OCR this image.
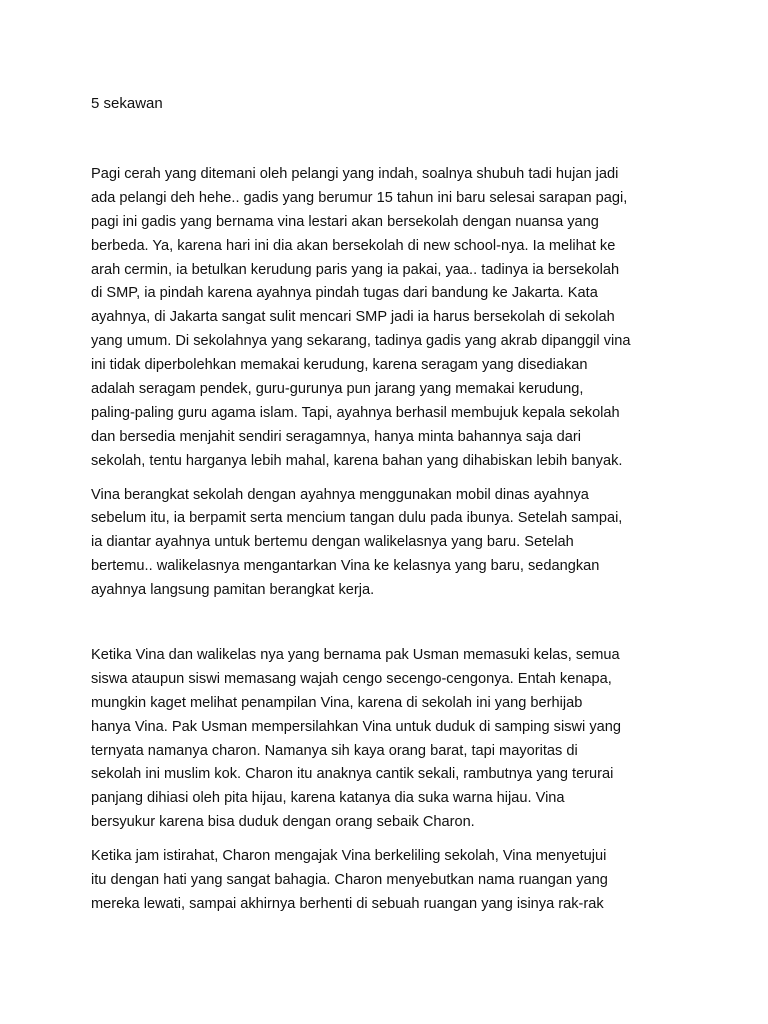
5 sekawan
Pagi cerah yang ditemani oleh pelangi yang indah, soalnya shubuh tadi hujan jadi
ada pelangi deh hehe.. gadis yang berumur 15 tahun ini baru selesai sarapan pagi,
pagi ini gadis yang bernama vina lestari akan bersekolah dengan nuansa yang
berbeda. Ya, karena hari ini dia akan bersekolah di new school-nya. Ia melihat ke
arah cermin, ia betulkan kerudung paris yang ia pakai, yaa.. tadinya ia bersekolah
di SMP, ia pindah karena ayahnya pindah tugas dari bandung ke Jakarta. Kata
ayahnya, di Jakarta sangat sulit mencari SMP jadi ia harus bersekolah di sekolah
yang umum. Di sekolahnya yang sekarang, tadinya gadis yang akrab dipanggil vina
ini tidak diperbolehkan memakai kerudung, karena seragam yang disediakan
adalah seragam pendek, guru-gurunya pun jarang yang memakai kerudung,
paling-paling guru agama islam. Tapi, ayahnya berhasil membujuk kepala sekolah
dan bersedia menjahit sendiri seragamnya, hanya minta bahannya saja dari
sekolah, tentu harganya lebih mahal, karena bahan yang dihabiskan lebih banyak.
Vina berangkat sekolah dengan ayahnya menggunakan mobil dinas ayahnya
sebelum itu, ia berpamit serta mencium tangan dulu pada ibunya. Setelah sampai,
ia diantar ayahnya untuk bertemu dengan walikelasnya yang baru. Setelah
bertemu.. walikelasnya mengantarkan Vina ke kelasnya yang baru, sedangkan
ayahnya langsung pamitan berangkat kerja.
Ketika Vina dan walikelas nya yang bernama pak Usman memasuki kelas, semua
siswa ataupun siswi memasang wajah cengo secengo-cengonya. Entah kenapa,
mungkin kaget melihat penampilan Vina, karena di sekolah ini yang berhijab
hanya Vina. Pak Usman mempersilahkan Vina untuk duduk di samping siswi yang
ternyata namanya charon. Namanya sih kaya orang barat, tapi mayoritas di
sekolah ini muslim kok. Charon itu anaknya cantik sekali, rambutnya yang terurai
panjang dihiasi oleh pita hijau, karena katanya dia suka warna hijau. Vina
bersyukur karena bisa duduk dengan orang sebaik Charon.
Ketika jam istirahat, Charon mengajak Vina berkeliling sekolah, Vina menyetujui
itu dengan hati yang sangat bahagia. Charon menyebutkan nama ruangan yang
mereka lewati, sampai akhirnya berhenti di sebuah ruangan yang isinya rak-rak
